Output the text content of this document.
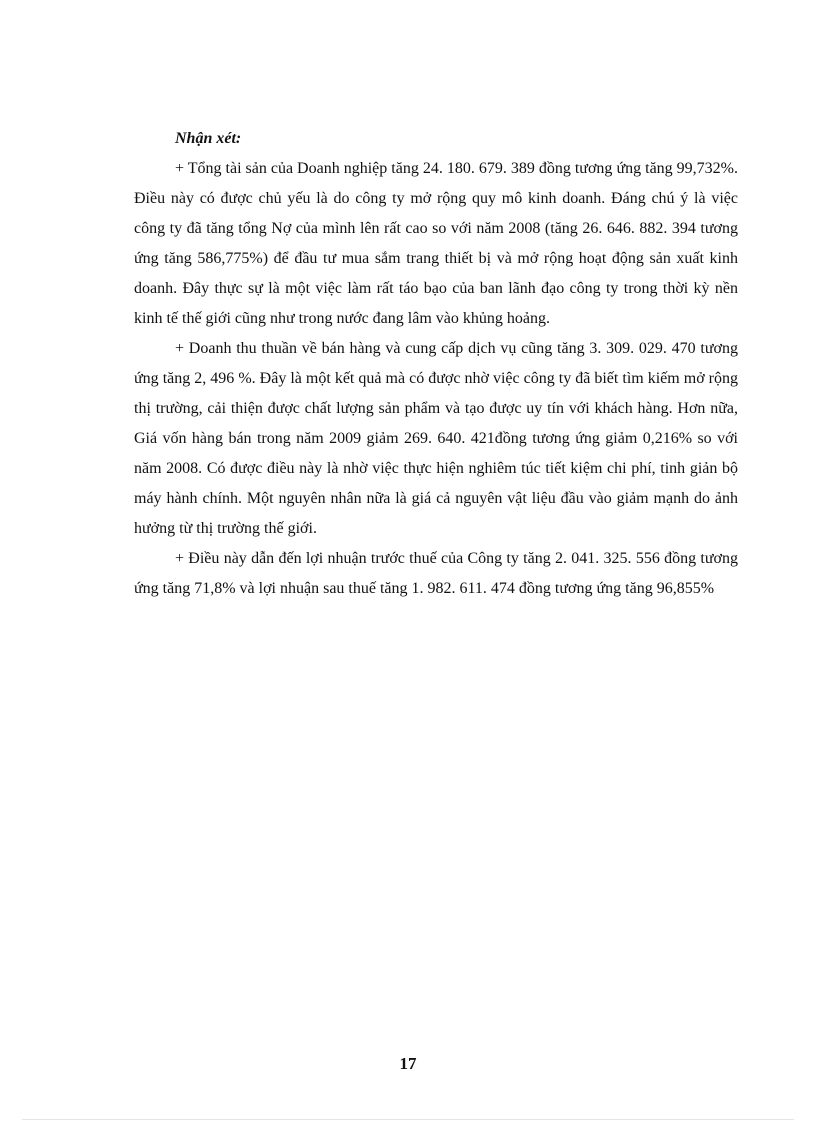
Nhận xét:

+ Tổng tài sản của Doanh nghiệp tăng 24. 180. 679. 389 đồng tương ứng tăng 99,732%. Điều này có được chủ yếu là do công ty mở rộng quy mô kinh doanh. Đáng chú ý là việc công ty đã tăng tổng Nợ của mình lên rất cao so với năm 2008 (tăng 26. 646. 882. 394 tương ứng tăng 586,775%) để đầu tư mua sắm trang thiết bị và mở rộng hoạt động sản xuất kinh doanh. Đây thực sự là một việc làm rất táo bạo của ban lãnh đạo công ty trong thời kỳ nền kinh tế thế giới cũng như trong nước đang lâm vào khủng hoảng.

+ Doanh thu thuần về bán hàng và cung cấp dịch vụ cũng tăng 3. 309. 029. 470 tương ứng tăng 2, 496 %. Đây là một kết quả mà có được nhờ việc công ty đã biết tìm kiếm mở rộng thị trường, cải thiện được chất lượng sản phẩm và tạo được uy tín với khách hàng. Hơn nữa, Giá vốn hàng bán trong năm 2009 giảm 269. 640. 421đồng tương ứng giảm 0,216% so với năm 2008. Có được điều này là nhờ việc thực hiện nghiêm túc tiết kiệm chi phí, tinh giản bộ máy hành chính. Một nguyên nhân nữa là giá cả nguyên vật liệu đầu vào giảm mạnh do ảnh hưởng từ thị trường thế giới.

+ Điều này dẫn đến lợi nhuận trước thuế của Công ty tăng 2. 041. 325. 556 đồng tương ứng tăng 71,8% và lợi nhuận sau thuế tăng 1. 982. 611. 474 đồng tương ứng tăng 96,855%

17
